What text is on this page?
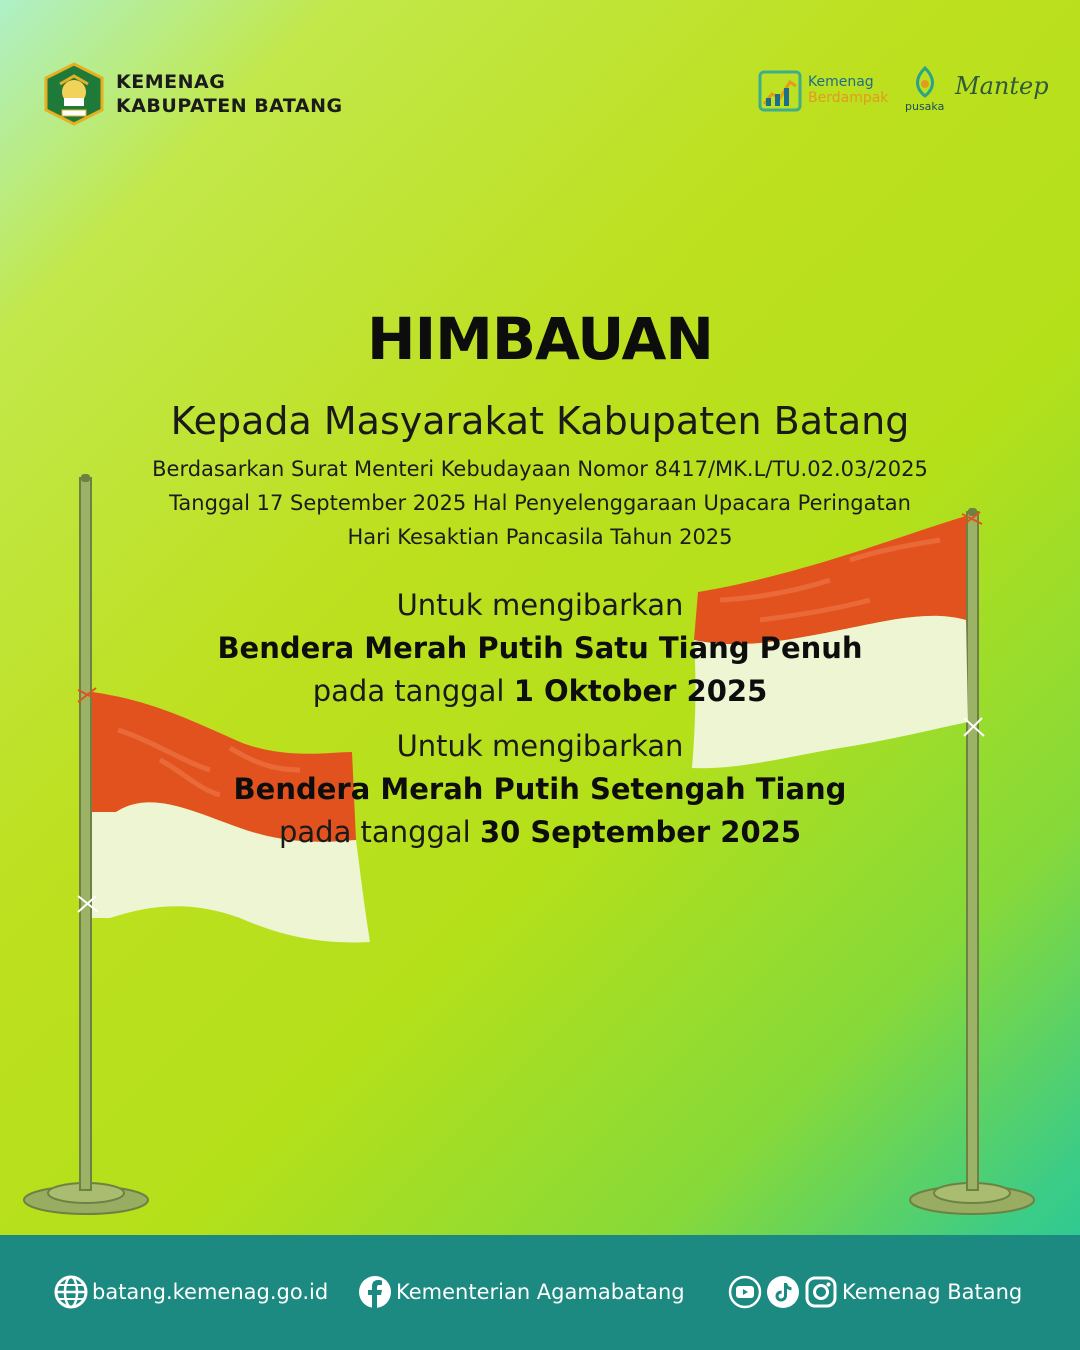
KEMENAG
KABUPATEN BATANG
Kemenag
Berdampak
pusaka
Mantep
HIMBAUAN
Kepada Masyarakat Kabupaten Batang
Berdasarkan Surat Menteri Kebudayaan Nomor 8417/MK.L/TU.02.03/2025
Tanggal 17 September 2025 Hal Penyelenggaraan Upacara Peringatan
Hari Kesaktian Pancasila Tahun 2025
Untuk mengibarkan
Bendera Merah Putih Satu Tiang Penuh
pada tanggal 1 Oktober 2025
Untuk mengibarkan
Bendera Merah Putih Setengah Tiang
pada tanggal 30 September 2025
batang.kemenag.go.id	Kementerian Agamabatang	Kemenag Batang
